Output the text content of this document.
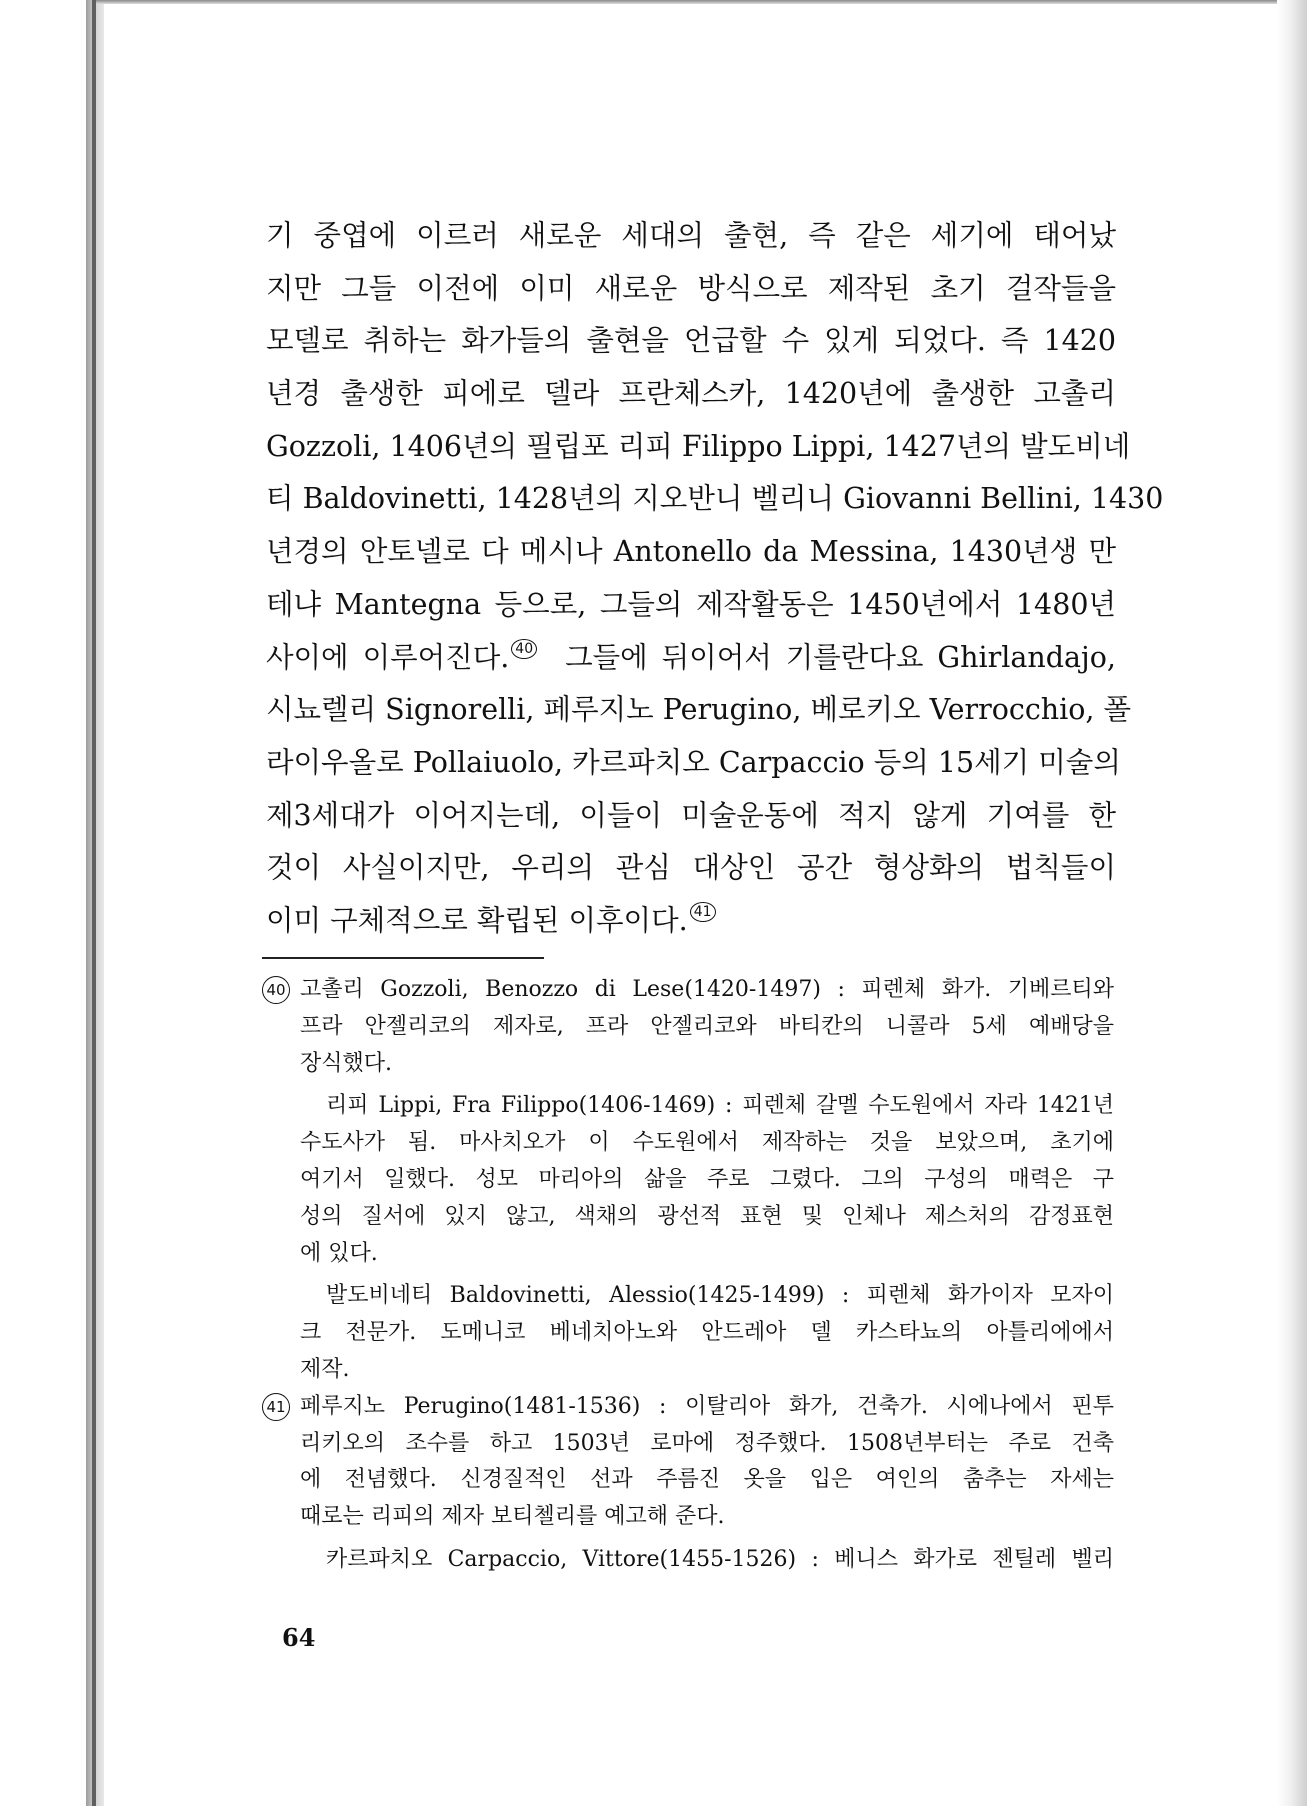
기 중엽에 이르러 새로운 세대의 출현, 즉 같은 세기에 태어났
지만 그들 이전에 이미 새로운 방식으로 제작된 초기 걸작들을
모델로 취하는 화가들의 출현을 언급할 수 있게 되었다. 즉 1420
년경 출생한 피에로 델라 프란체스카, 1420년에 출생한 고촐리
Gozzoli, 1406년의 필립포 리피 Filippo Lippi, 1427년의 발도비네
티 Baldovinetti, 1428년의 지오반니 벨리니 Giovanni Bellini, 1430
년경의 안토넬로 다 메시나 Antonello da Messina, 1430년생 만
테냐 Mantegna 등으로, 그들의 제작활동은 1450년에서 1480년
사이에 이루어진다. $^{40}$ 그들에 뒤이어서 기를란다요 Ghirlandajo,
시뇨렐리 Signorelli, 페루지노 Perugino, 베로키오 Verrocchio, 폴
라이우올로 Pollaiuolo, 카르파치오 Carpaccio 등의 15세기 미술의
제3세대가 이어지는데, 이들이 미술운동에 적지 않게 기여를 한
것이 사실이지만, 우리의 관심 대상인 공간 형상화의 법칙들이
이미 구체적으로 확립된 이후이다. $^{41}$
40 고촐리 Gozzoli, Benozzo di Lese(1420-1497) : 피렌체 화가. 기베르티와
프라 안젤리코의 제자로, 프라 안젤리코와 바티칸의 니콜라 5세 예배당을
장식했다.
리피 Lippi, Fra Filippo(1406-1469) : 피렌체 갈멜 수도원에서 자라 1421년
수도사가 됨. 마사치오가 이 수도원에서 제작하는 것을 보았으며, 초기에
여기서 일했다. 성모 마리아의 삶을 주로 그렸다. 그의 구성의 매력은 구
성의 질서에 있지 않고, 색채의 광선적 표현 및 인체나 제스처의 감정표현
에 있다.
발도비네티 Baldovinetti, Alessio(1425-1499) : 피렌체 화가이자 모자이
크 전문가. 도메니코 베네치아노와 안드레아 델 카스타뇨의 아틀리에에서
제작.
41 페루지노 Perugino(1481-1536) : 이탈리아 화가, 건축가. 시에나에서 핀투
리키오의 조수를 하고 1503년 로마에 정주했다. 1508년부터는 주로 건축
에 전념했다. 신경질적인 선과 주름진 옷을 입은 여인의 춤추는 자세는
때로는 리피의 제자 보티첼리를 예고해 준다.
카르파치오 Carpaccio, Vittore(1455-1526) : 베니스 화가로 젠틸레 벨리
64
